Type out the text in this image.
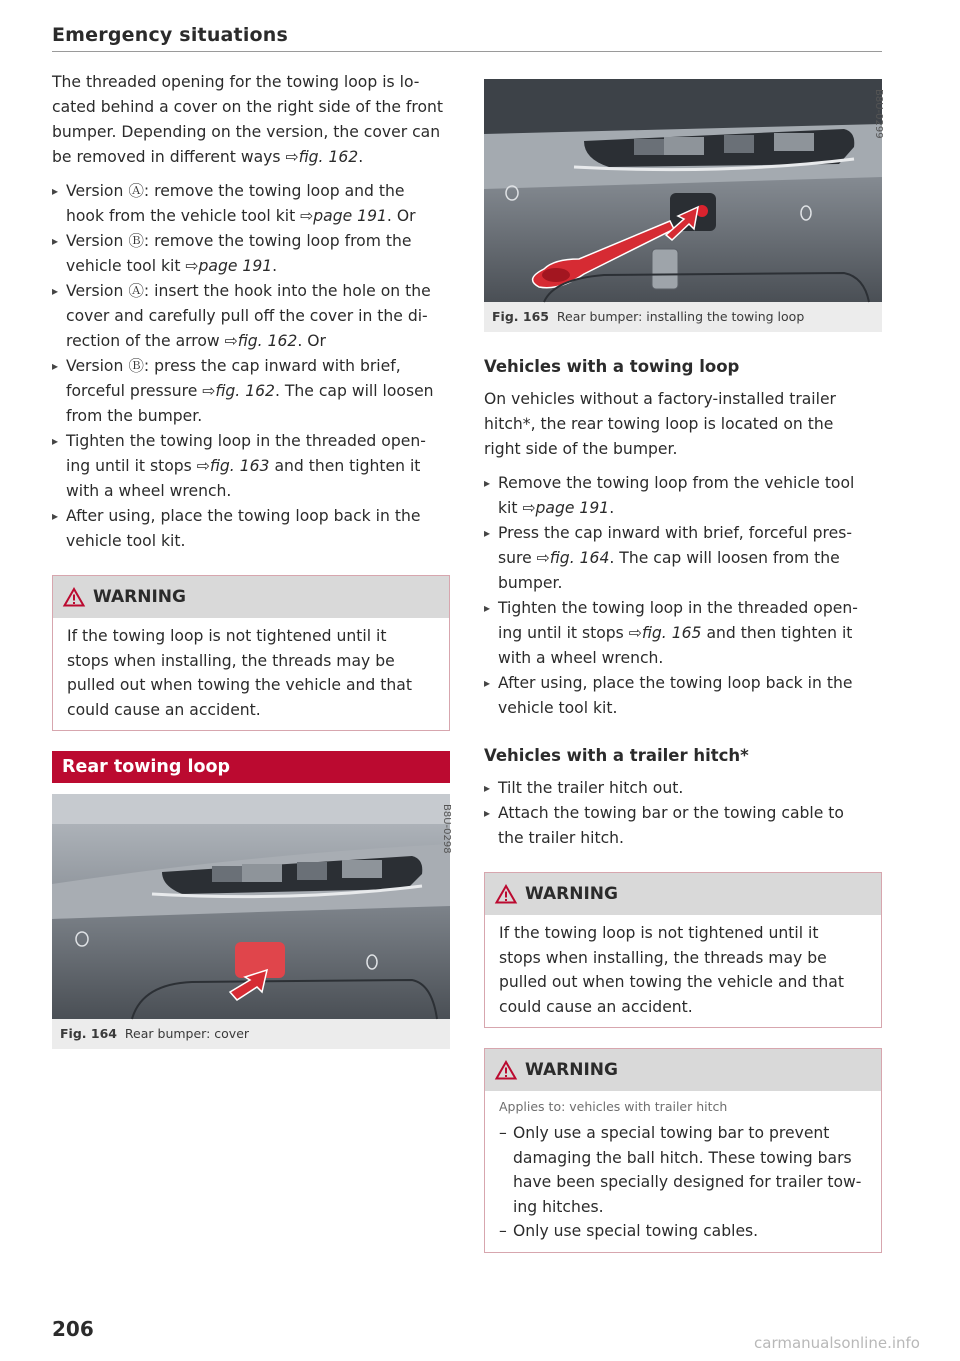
Emergency situations

The threaded opening for the towing loop is lo-
cated behind a cover on the right side of the front
bumper. Depending on the version, the cover can
be removed in different ways ⇨fig. 162.

▸ Version Ⓐ: remove the towing loop and the
hook from the vehicle tool kit ⇨page 191. Or
▸ Version Ⓑ: remove the towing loop from the
vehicle tool kit ⇨page 191.
▸ Version Ⓐ: insert the hook into the hole on the
cover and carefully pull off the cover in the di-
rection of the arrow ⇨fig. 162. Or
▸ Version Ⓑ: press the cap inward with brief,
forceful pressure ⇨fig. 162. The cap will loosen
from the bumper.
▸ Tighten the towing loop in the threaded open-
ing until it stops ⇨fig. 163 and then tighten it
with a wheel wrench.
▸ After using, place the towing loop back in the
vehicle tool kit.
WARNING
If the towing loop is not tightened until it
stops when installing, the threads may be
pulled out when towing the vehicle and that
could cause an accident.
Rear towing loop
B8U-0298
Fig. 164 Rear bumper: cover
B8U-0299
Fig. 165 Rear bumper: installing the towing loop
Vehicles with a towing loop

On vehicles without a factory-installed trailer
hitch*, the rear towing loop is located on the
right side of the bumper.

▸ Remove the towing loop from the vehicle tool
kit ⇨page 191.
▸ Press the cap inward with brief, forceful pres-
sure ⇨fig. 164. The cap will loosen from the
bumper.
▸ Tighten the towing loop in the threaded open-
ing until it stops ⇨fig. 165 and then tighten it
with a wheel wrench.
▸ After using, place the towing loop back in the
vehicle tool kit.
Vehicles with a trailer hitch*
▸ Tilt the trailer hitch out.
▸ Attach the towing bar or the towing cable to
the trailer hitch.
WARNING
If the towing loop is not tightened until it
stops when installing, the threads may be
pulled out when towing the vehicle and that
could cause an accident.
WARNING
Applies to: vehicles with trailer hitch
– Only use a special towing bar to prevent
damaging the ball hitch. These towing bars
have been specially designed for trailer tow-
ing hitches.
– Only use special towing cables.
206
carmanualsonline.info
